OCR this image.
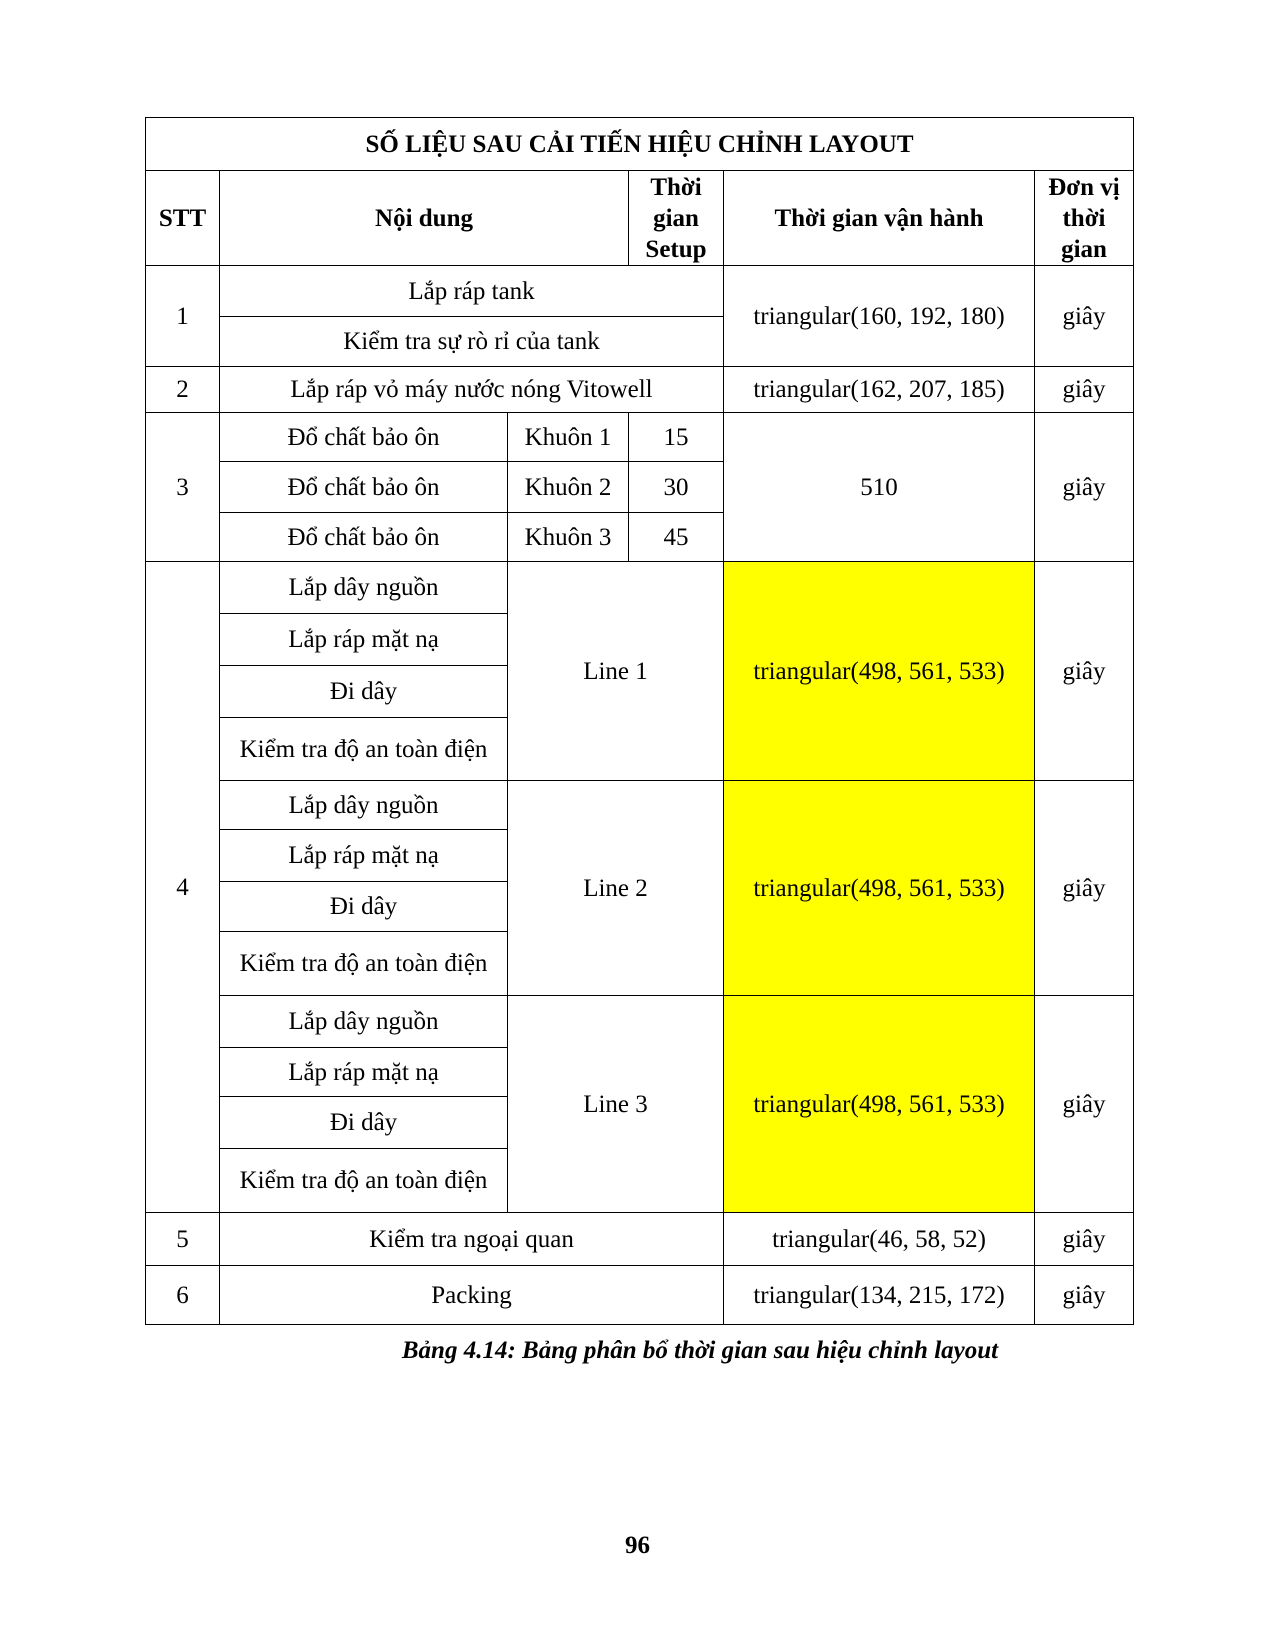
SỐ LIỆU SAU CẢI TIẾN HIỆU CHỈNH LAYOUT					
STT	Nội dung		Thời gian Setup	Thời gian vận hành	Đơn vị thời gian
1	Lắp ráp tank			triangular(160, 192, 180)	giây
	Kiểm tra sự rò rỉ của tank				
2	Lắp ráp vỏ máy nước nóng Vitowell			triangular(162, 207, 185)	giây
3	Đổ chất bảo ôn	Khuôn 1	15	510	giây
	Đổ chất bảo ôn	Khuôn 2	30		
	Đổ chất bảo ôn	Khuôn 3	45		
4	Lắp dây nguồn	Line 1		triangular(498, 561, 533)	giây
	Lắp ráp mặt nạ				
	Đi dây				
	Kiểm tra độ an toàn điện				
	Lắp dây nguồn	Line 2		triangular(498, 561, 533)	giây
	Lắp ráp mặt nạ				
	Đi dây				
	Kiểm tra độ an toàn điện				
	Lắp dây nguồn	Line 3		triangular(498, 561, 533)	giây
	Lắp ráp mặt nạ				
	Đi dây				
	Kiểm tra độ an toàn điện				
5	Kiểm tra ngoại quan			triangular(46, 58, 52)	giây
6	Packing			triangular(134, 215, 172)	giây
Bảng 4.14: Bảng phân bổ thời gian sau hiệu chỉnh layout
96
